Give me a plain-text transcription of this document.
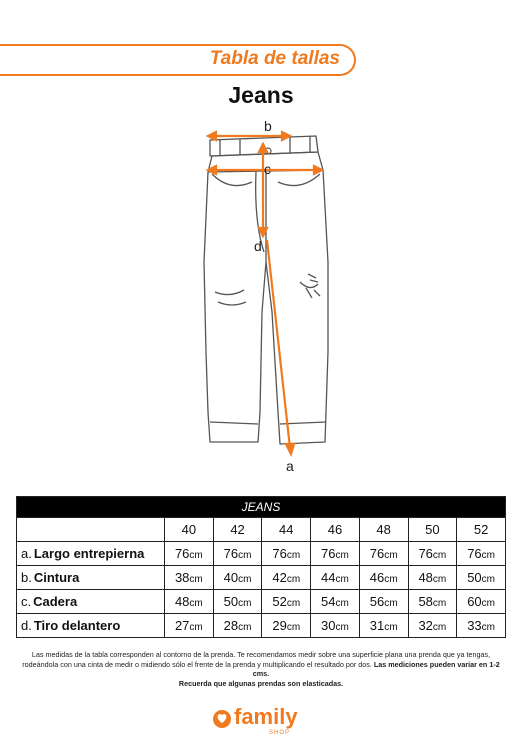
Tabla de tallas
Jeans
b
c
d
a
JEANS							
	40	42	44	46	48	50	52
a. Largo entrepierna	76cm	76cm	76cm	76cm	76cm	76cm	76cm
b. Cintura	38cm	40cm	42cm	44cm	46cm	48cm	50cm
c. Cadera	48cm	50cm	52cm	54cm	56cm	58cm	60cm
d. Tiro delantero	27cm	28cm	29cm	30cm	31cm	32cm	33cm
Las medidas de la tabla corresponden al contorno de la prenda. Te recomendamos medir sobre una superficie plana una prenda que ya tengas,
rodeándola con una cinta de medir o midiendo sólo el frente de la prenda y multiplicando el resultado por dos. Las mediciones pueden variar en 1-2 cms.
Recuerda que algunas prendas son elasticadas.
family
SHOP
